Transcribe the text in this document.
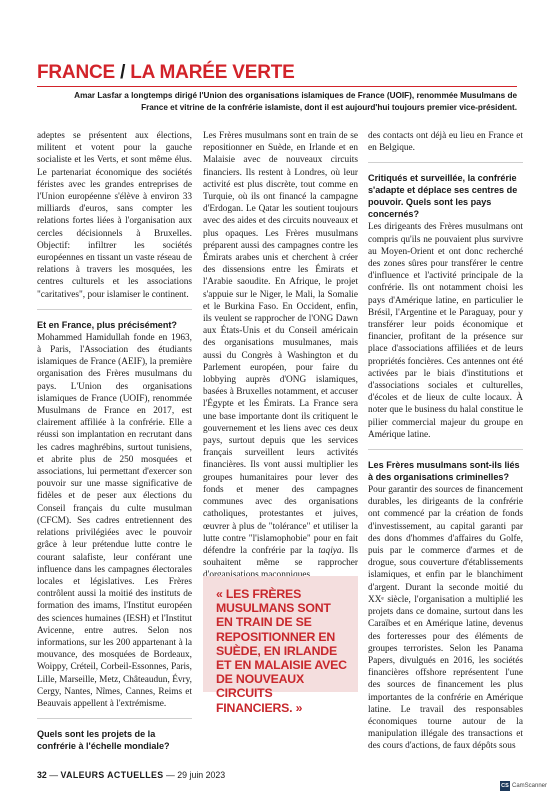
FRANCE / LA MARÉE VERTE
Amar Lasfar a longtemps dirigé l'Union des organisations islamiques de France (UOIF), renommée Musulmans de France et vitrine de la confrérie islamiste, dont il est aujourd'hui toujours premier vice-président.

adeptes se présentent aux élections, militent et votent pour la gauche socialiste et les Verts, et sont même élus. Le partenariat économique des sociétés féristes avec les grandes entreprises de l'Union européenne s'élève à environ 33 milliards d'euros, sans compter les relations fortes liées à l'organisation aux cercles décisionnels à Bruxelles. Objectif: infiltrer les sociétés européennes en tissant un vaste réseau de relations à travers les mosquées, les centres culturels et les associations "caritatives", pour islamiser le continent.

Et en France, plus précisément?

Mohammed Hamidullah fonde en 1963, à Paris, l'Association des étudiants islamiques de France (AEIF), la première organisation des Frères musulmans du pays. L'Union des organisations islamiques de France (UOIF), renommée Musulmans de France en 2017, est clairement affiliée à la confrérie. Elle a réussi son implantation en recrutant dans les cadres maghrébins, surtout tunisiens, et abrite plus de 250 mosquées et associations, lui permettant d'exercer son pouvoir sur une masse significative de fidèles et de peser aux élections du Conseil français du culte musulman (CFCM). Ses cadres entretiennent des relations privilégiées avec le pouvoir grâce à leur prétendue lutte contre le courant salafiste, leur conférant une influence dans les campagnes électorales locales et législatives. Les Frères contrôlent aussi la moitié des instituts de formation des imams, l'Institut européen des sciences humaines (IESH) et l'Institut Avicenne, entre autres. Selon nos informations, sur les 200 appartenant à la mouvance, des mosquées de Bordeaux, Woippy, Créteil, Corbeil-Essonnes, Paris, Lille, Marseille, Metz, Châteaudun, Évry, Cergy, Nantes, Nîmes, Cannes, Reims et Beauvais appellent à l'extrémisme.

Quels sont les projets de la confrérie à l'échelle mondiale?

Les Frères musulmans sont en train de se repositionner en Suède, en Irlande et en Malaisie avec de nouveaux circuits financiers. Ils restent à Londres, où leur activité est plus discrète, tout comme en Turquie, où ils ont financé la campagne d'Erdogan. Le Qatar les soutient toujours avec des aides et des circuits nouveaux et plus opaques. Les Frères musulmans préparent aussi des campagnes contre les Émirats arabes unis et cherchent à créer des dissensions entre les Émirats et l'Arabie saoudite. En Afrique, le projet s'appuie sur le Niger, le Mali, la Somalie et le Burkina Faso. En Occident, enfin, ils veulent se rapprocher de l'ONG Dawn aux États-Unis et du Conseil américain des organisations musulmanes, mais aussi du Congrès à Washington et du Parlement européen, pour faire du lobbying auprès d'ONG islamiques, basées à Bruxelles notamment, et accuser l'Égypte et les Émirats. La France sera une base importante dont ils critiquent le gouvernement et les liens avec ces deux pays, surtout depuis que les services français surveillent leurs activités financières. Ils vont aussi multiplier les groupes humanitaires pour lever des fonds et mener des campagnes communes avec des organisations catholiques, protestantes et juives, œuvrer à plus de "tolérance" et utiliser la lutte contre "l'islamophobie" pour en fait défendre la confrérie par la taqiya. Ils souhaitent même se rapprocher

« LES FRÈRES MUSULMANS SONT EN TRAIN DE SE REPOSITIONNER EN SUÈDE, EN IRLANDE ET EN MALAISIE AVEC DE NOUVEAUX CIRCUITS FINANCIERS. »

des contacts ont déjà eu lieu en France et en Belgique.

Critiqués et surveillée, la confrérie s'adapte et déplace ses centres de pouvoir. Quels sont les pays concernés?

Les dirigeants des Frères musulmans ont compris qu'ils ne pouvaient plus survivre au Moyen-Orient et ont donc recherché des zones sûres pour transférer le centre d'influence et l'activité principale de la confrérie. Ils ont notamment choisi les pays d'Amérique latine, en particulier le Brésil, l'Argentine et le Paraguay, pour y transférer leur poids économique et financier, profitant de la présence sur place d'associations affiliées et de leurs propriétés foncières. Ces antennes ont été activées par le biais d'institutions et d'associations sociales et culturelles, d'écoles et de lieux de culte locaux. À noter que le business du halal constitue le pilier commercial majeur du groupe en Amérique latine.

Les Frères musulmans sont-ils liés à des organisations criminelles?

Pour garantir des sources de financement durables, les dirigeants de la confrérie ont commencé par la création de fonds d'investissement, au capital garanti par des dons d'hommes d'affaires du Golfe, puis par le commerce d'armes et de drogue, sous couverture d'établissements islamiques, et enfin par le blanchiment d'argent. Durant la seconde moitié du XXᵉ siècle, l'organisation a multiplié les projets dans ce domaine, surtout dans les Caraïbes et en Amérique latine, devenus des forteresses pour des éléments de groupes terroristes. Selon les Panama Papers, divulgués en 2016, les sociétés financières offshore représentent l'une des sources de financement les plus importantes de la confrérie en Amérique latine. Le travail des responsables économiques tourne autour de la manipulation illégale des transactions et des cours d'actions, de faux dépôts sous

32 — VALEURS ACTUELLES — 29 juin 2023
CS CamScanner
